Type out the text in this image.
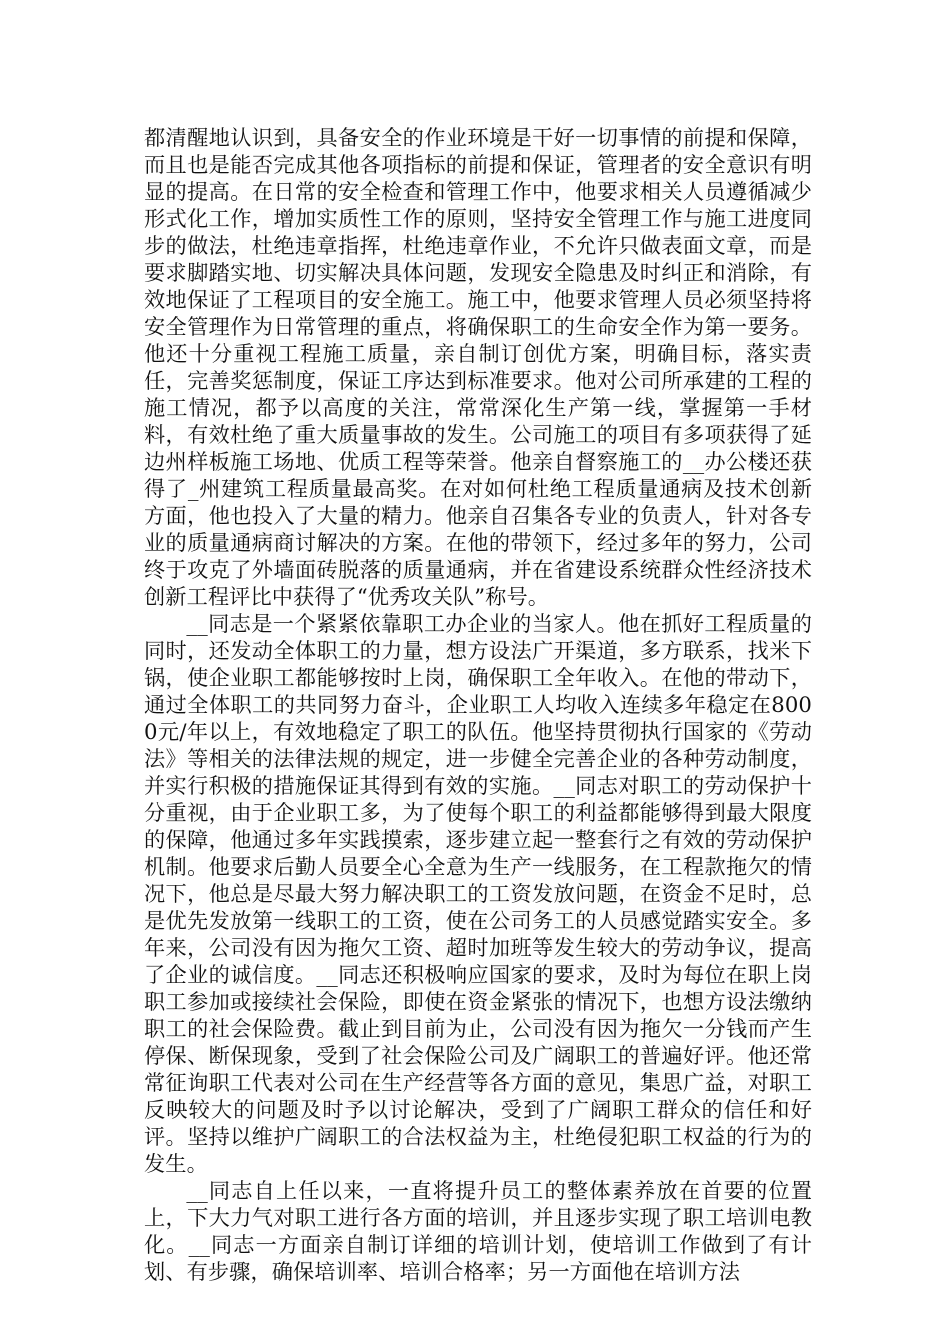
都清醒地认识到，具备安全的作业环境是干好一切事情的前提和保障，而且也是能否完成其他各项指标的前提和保证，管理者的安全意识有明显的提高。在日常的安全检查和管理工作中，他要求相关人员遵循减少形式化工作，增加实质性工作的原则，坚持安全管理工作与施工进度同步的做法，杜绝违章指挥，杜绝违章作业，不允许只做表面文章，而是要求脚踏实地、切实解决具体问题，发现安全隐患及时纠正和消除，有效地保证了工程项目的安全施工。施工中，他要求管理人员必须坚持将安全管理作为日常管理的重点，将确保职工的生命安全作为第一要务。他还十分重视工程施工质量，亲自制订创优方案，明确目标，落实责任，完善奖惩制度，保证工序达到标准要求。他对公司所承建的工程的施工情况，都予以高度的关注，常常深化生产第一线，掌握第一手材料，有效杜绝了重大质量事故的发生。公司施工的项目有多项获得了延边州样板施工场地、优质工程等荣誉。他亲自督察施工的__办公楼还获得了_州建筑工程质量最高奖。在对如何杜绝工程质量通病及技术创新方面，他也投入了大量的精力。他亲自召集各专业的负责人，针对各专业的质量通病商讨解决的方案。在他的带领下，经过多年的努力，公司终于攻克了外墙面砖脱落的质量通病，并在省建设系统群众性经济技术创新工程评比中获得了“优秀攻关队”称号。

__同志是一个紧紧依靠职工办企业的当家人。他在抓好工程质量的同时，还发动全体职工的力量，想方设法广开渠道，多方联系，找米下锅，使企业职工都能够按时上岗，确保职工全年收入。在他的带动下，通过全体职工的共同努力奋斗，企业职工人均收入连续多年稳定在8000元/年以上，有效地稳定了职工的队伍。他坚持贯彻执行国家的《劳动法》等相关的法律法规的规定，进一步健全完善企业的各种劳动制度，并实行积极的措施保证其得到有效的实施。__同志对职工的劳动保护十分重视，由于企业职工多，为了使每个职工的利益都能够得到最大限度的保障，他通过多年实践摸索，逐步建立起一整套行之有效的劳动保护机制。他要求后勤人员要全心全意为生产一线服务，在工程款拖欠的情况下，他总是尽最大努力解决职工的工资发放问题，在资金不足时，总是优先发放第一线职工的工资，使在公司务工的人员感觉踏实安全。多年来，公司没有因为拖欠工资、超时加班等发生较大的劳动争议，提高了企业的诚信度。__同志还积极响应国家的要求，及时为每位在职上岗职工参加或接续社会保险，即使在资金紧张的情况下，也想方设法缴纳职工的社会保险费。截止到目前为止，公司没有因为拖欠一分钱而产生停保、断保现象，受到了社会保险公司及广阔职工的普遍好评。他还常常征询职工代表对公司在生产经营等各方面的意见，集思广益，对职工反映较大的问题及时予以讨论解决，受到了广阔职工群众的信任和好评。坚持以维护广阔职工的合法权益为主，杜绝侵犯职工权益的行为的发生。

__同志自上任以来，一直将提升员工的整体素养放在首要的位置上，下大力气对职工进行各方面的培训，并且逐步实现了职工培训电教化。__同志一方面亲自制订详细的培训计划，使培训工作做到了有计划、有步骤，确保培训率、培训合格率；另一方面他在培训方法
